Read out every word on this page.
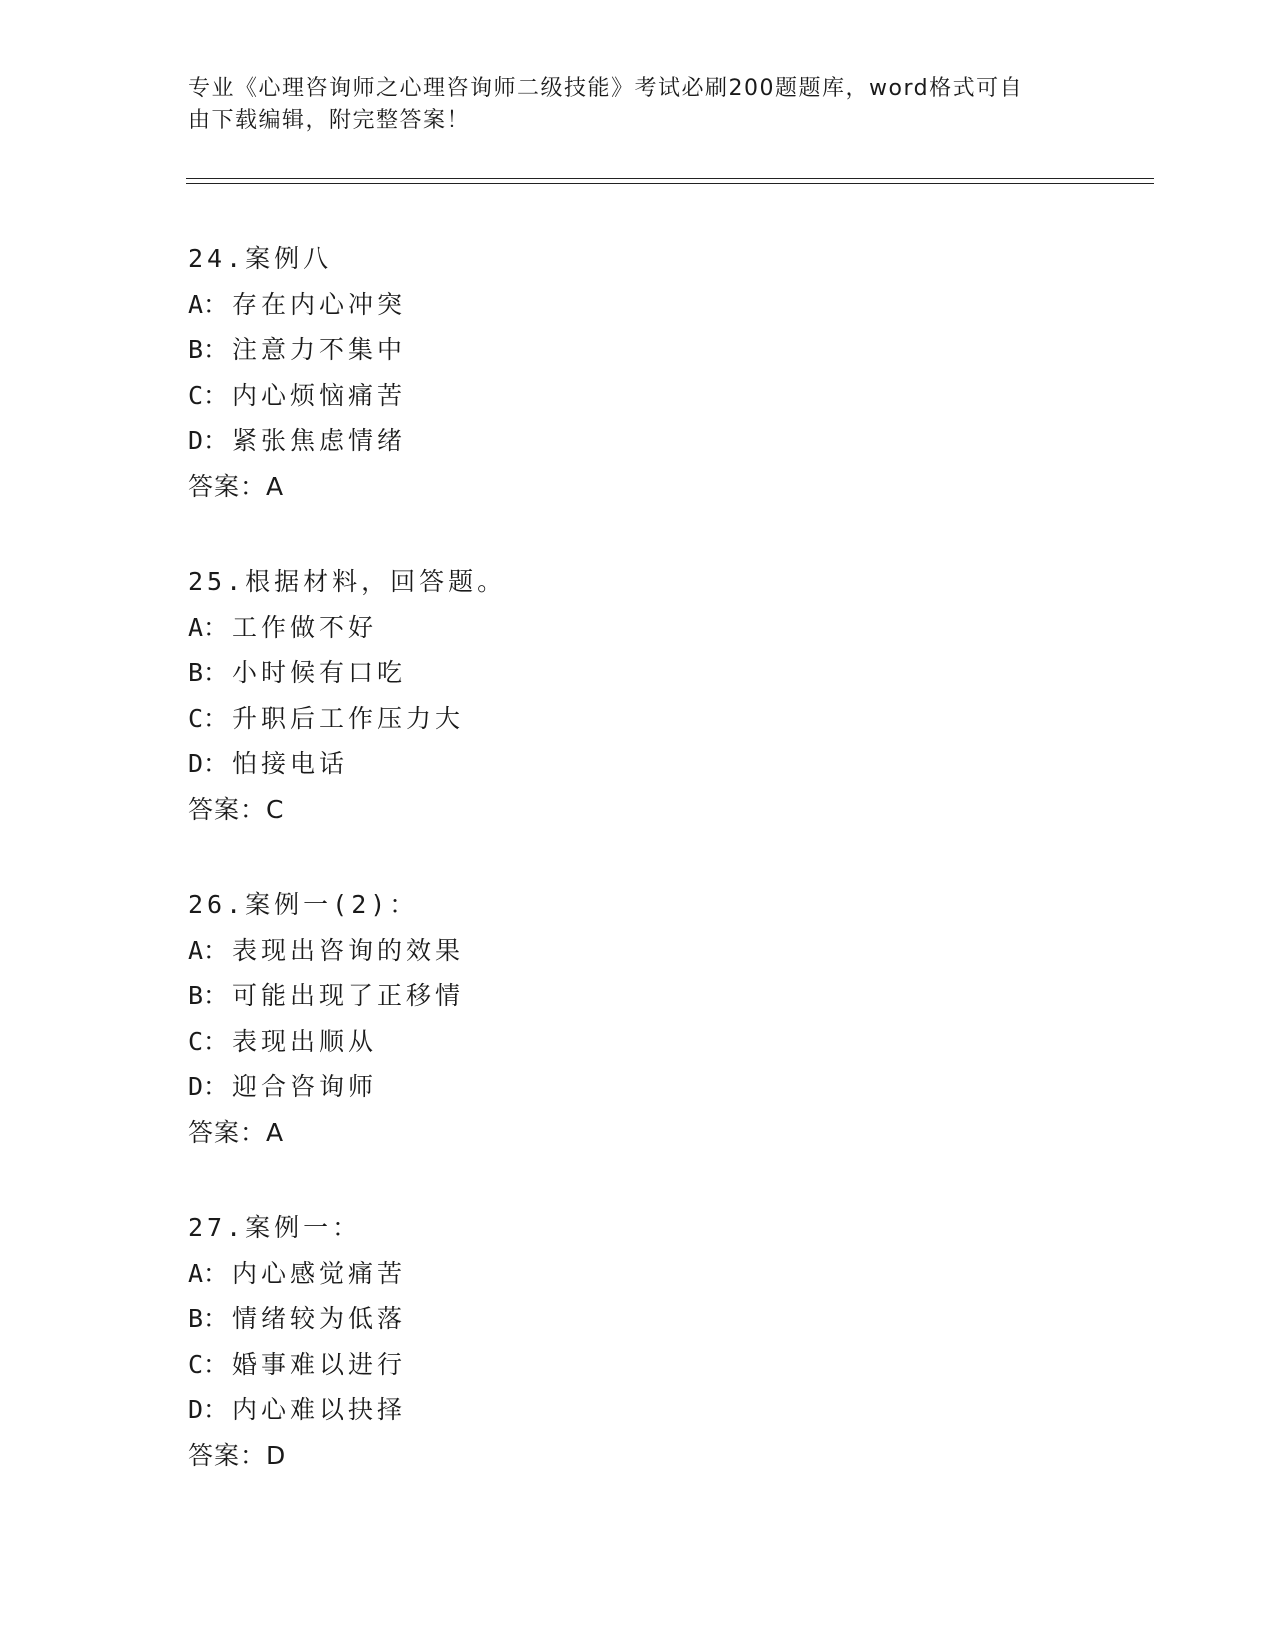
专业《心理咨询师之心理咨询师二级技能》考试必刷200题题库，word格式可自
由下载编辑，附完整答案！
24.案例八
A： 存在内心冲突
B： 注意力不集中
C： 内心烦恼痛苦
D： 紧张焦虑情绪
答案：A
25.根据材料，回答题。
A： 工作做不好
B： 小时候有口吃
C： 升职后工作压力大
D： 怕接电话
答案：C
26.案例一(2)：
A： 表现出咨询的效果
B： 可能出现了正移情
C： 表现出顺从
D： 迎合咨询师
答案：A
27.案例一：
A： 内心感觉痛苦
B： 情绪较为低落
C： 婚事难以进行
D： 内心难以抉择
答案：D
